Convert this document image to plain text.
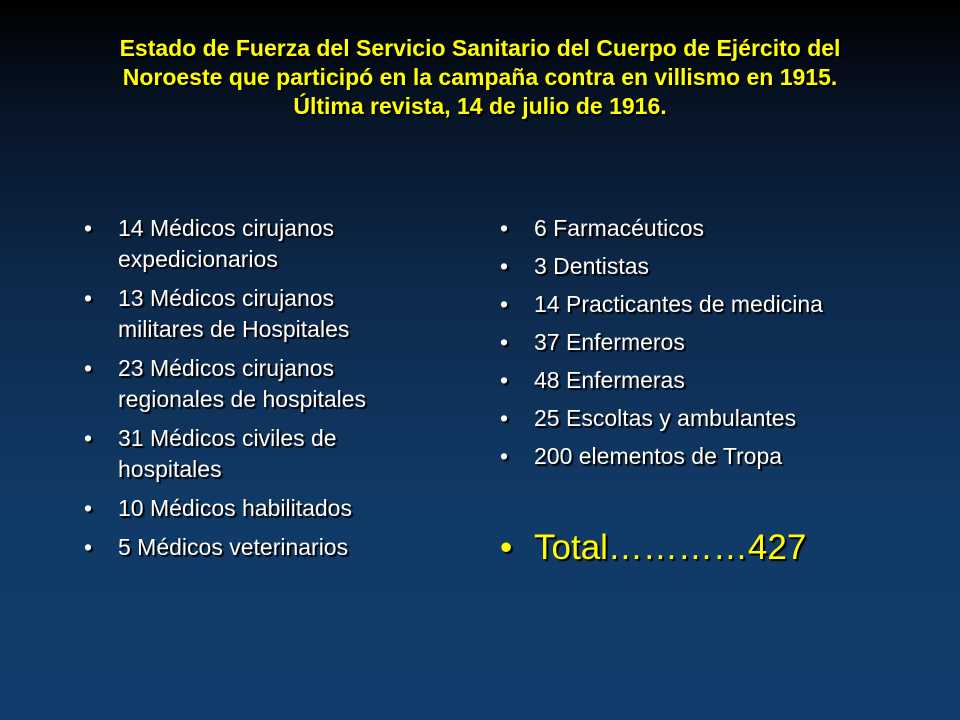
Estado de Fuerza del Servicio Sanitario del Cuerpo de Ejército del
Noroeste que participó en la campaña contra en villismo en 1915.
Última revista, 14 de julio de 1916.
• 14 Médicos cirujanos
expedicionarios
• 13 Médicos cirujanos
militares de Hospitales
• 23 Médicos cirujanos
regionales de hospitales
• 31 Médicos civiles de
hospitales
• 10 Médicos habilitados
• 5 Médicos veterinarios
• 6 Farmacéuticos
• 3 Dentistas
• 14 Practicantes de medicina
• 37 Enfermeros
• 48 Enfermeras
• 25 Escoltas y ambulantes
• 200 elementos de Tropa
• Total…………427
